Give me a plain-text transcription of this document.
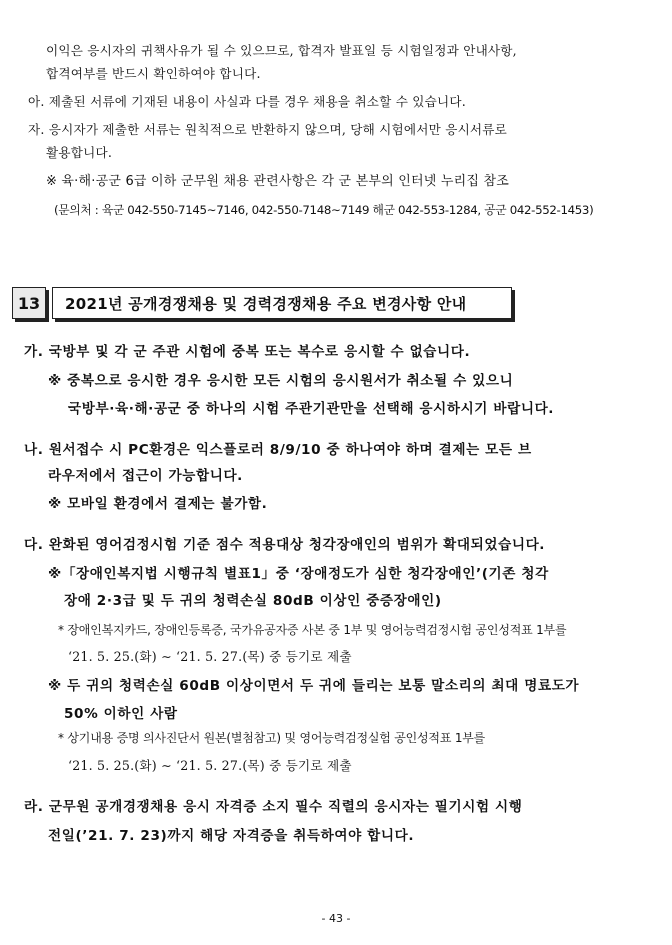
이익은 응시자의 귀책사유가 될 수 있으므로, 합격자 발표일 등 시험일정과 안내사항,
합격여부를 반드시 확인하여야 합니다.
아. 제출된 서류에 기재된 내용이 사실과 다를 경우 채용을 취소할 수 있습니다.
자. 응시자가 제출한 서류는 원칙적으로 반환하지 않으며, 당해 시험에서만 응시서류로
활용합니다.
※ 육·해·공군 6급 이하 군무원 채용 관련사항은 각 군 본부의 인터넷 누리집 참조
(문의처 : 육군 042-550-7145∼7146, 042-550-7148∼7149 해군 042-553-1284, 공군 042-552-1453)
13	2021년 공개경쟁채용 및 경력경쟁채용 주요 변경사항 안내
가. 국방부 및 각 군 주관 시험에 중복 또는 복수로 응시할 수 없습니다.
※ 중복으로 응시한 경우 응시한 모든 시험의 응시원서가 취소될 수 있으니
국방부·육·해·공군 중 하나의 시험 주관기관만을 선택해 응시하시기 바랍니다.
나. 원서접수 시 PC환경은 익스플로러 8/9/10 중 하나여야 하며 결제는 모든 브
라우저에서 접근이 가능합니다.
※ 모바일 환경에서 결제는 불가함.
다. 완화된 영어검정시험 기준 점수 적용대상 청각장애인의 범위가 확대되었습니다.
※「장애인복지법 시행규칙 별표1」중 ‘장애정도가 심한 청각장애인’(기존 청각
장애 2·3급 및 두 귀의 청력손실 80dB 이상인 중증장애인)
* 장애인복지카드, 장애인등록증, 국가유공자증 사본 중 1부 및 영어능력검정시험 공인성적표 1부를
‘21. 5. 25.(화) ∼ ‘21. 5. 27.(목) 중 등기로 제출
※ 두 귀의 청력손실 60dB 이상이면서 두 귀에 들리는 보통 말소리의 최대 명료도가
50% 이하인 사람
* 상기내용 증명 의사진단서 원본(별첨참고) 및 영어능력검정실험 공인성적표 1부를
‘21. 5. 25.(화) ∼ ‘21. 5. 27.(목) 중 등기로 제출
라. 군무원 공개경쟁채용 응시 자격증 소지 필수 직렬의 응시자는 필기시험 시행
전일(’21. 7. 23)까지 해당 자격증을 취득하여야 합니다.
- 43 -
